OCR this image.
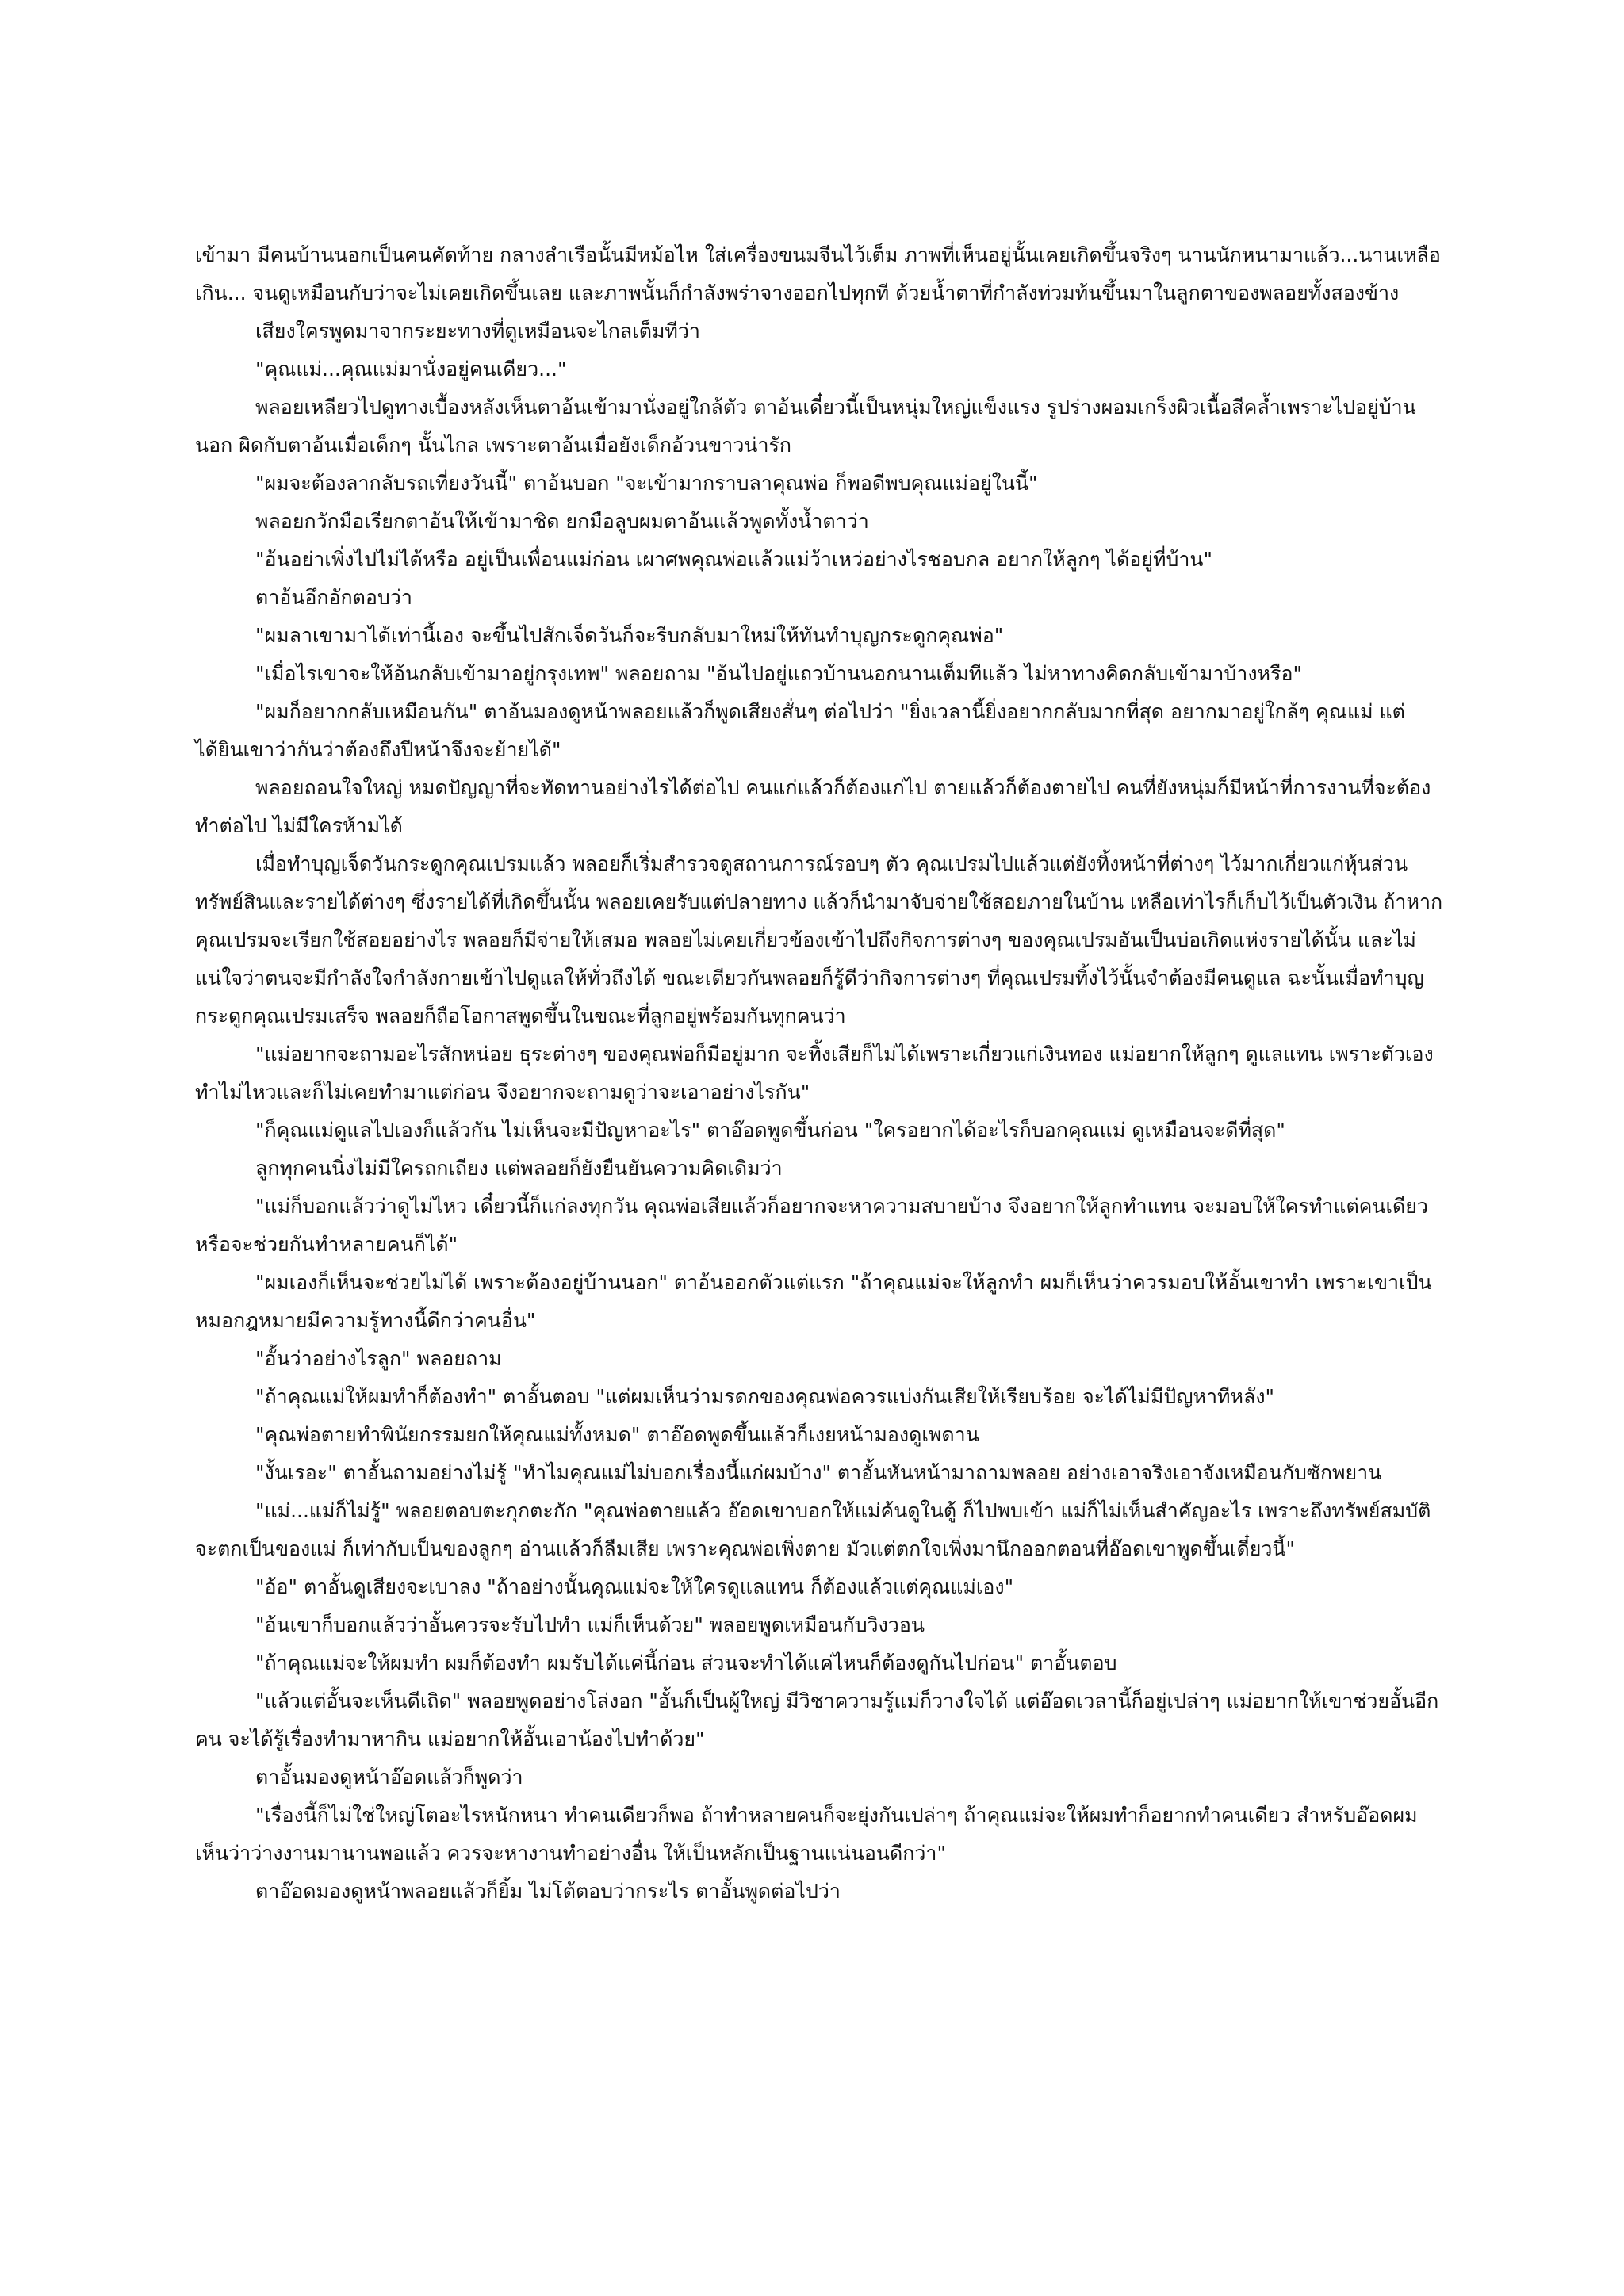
เข้ามา มีคนบ้านนอกเป็นคนคัดท้าย กลางลำเรือนั้นมีหม้อไห ใส่เครื่องขนมจีนไว้เต็ม ภาพที่เห็นอยู่นั้นเคยเกิดขึ้นจริงๆ นานนักหนามาแล้ว...นานเหลือเกิน... จนดูเหมือนกับว่าจะไม่เคยเกิดขึ้นเลย และภาพนั้นก็กำลังพร่าจางออกไปทุกที ด้วยน้ำตาที่กำลังท่วมท้นขึ้นมาในลูกตาของพลอยทั้งสองข้าง

เสียงใครพูดมาจากระยะทางที่ดูเหมือนจะไกลเต็มทีว่า

"คุณแม่...คุณแม่มานั่งอยู่คนเดียว..."

พลอยเหลียวไปดูทางเบื้องหลังเห็นตาอ้นเข้ามานั่งอยู่ใกล้ตัว ตาอ้นเดี๋ยวนี้เป็นหนุ่มใหญ่แข็งแรง รูปร่างผอมเกร็งผิวเนื้อสีคล้ำเพราะไปอยู่บ้านนอก ผิดกับตาอ้นเมื่อเด็กๆ นั้นไกล เพราะตาอ้นเมื่อยังเด็กอ้วนขาวน่ารัก

"ผมจะต้องลากลับรถเที่ยงวันนี้" ตาอ้นบอก "จะเข้ามากราบลาคุณพ่อ ก็พอดีพบคุณแม่อยู่ในนี้"

พลอยกวักมือเรียกตาอ้นให้เข้ามาชิด ยกมือลูบผมตาอ้นแล้วพูดทั้งน้ำตาว่า

"อ้นอย่าเพิ่งไปไม่ได้หรือ อยู่เป็นเพื่อนแม่ก่อน เผาศพคุณพ่อแล้วแม่ว้าเหว่อย่างไรชอบกล อยากให้ลูกๆ ได้อยู่ที่บ้าน"

ตาอ้นอึกอักตอบว่า

"ผมลาเขามาได้เท่านี้เอง จะขึ้นไปสักเจ็ดวันก็จะรีบกลับมาใหม่ให้ทันทำบุญกระดูกคุณพ่อ"

"เมื่อไรเขาจะให้อ้นกลับเข้ามาอยู่กรุงเทพ" พลอยถาม "อ้นไปอยู่แถวบ้านนอกนานเต็มทีแล้ว ไม่หาทางคิดกลับเข้ามาบ้างหรือ"

"ผมก็อยากกลับเหมือนกัน" ตาอ้นมองดูหน้าพลอยแล้วก็พูดเสียงสั่นๆ ต่อไปว่า "ยิ่งเวลานี้ยิ่งอยากกลับมากที่สุด อยากมาอยู่ใกล้ๆ คุณแม่ แต่ได้ยินเขาว่ากันว่าต้องถึงปีหน้าจึงจะย้ายได้"

พลอยถอนใจใหญ่ หมดปัญญาที่จะทัดทานอย่างไรได้ต่อไป คนแก่แล้วก็ต้องแก่ไป ตายแล้วก็ต้องตายไป คนที่ยังหนุ่มก็มีหน้าที่การงานที่จะต้องทำต่อไป ไม่มีใครห้ามได้

เมื่อทำบุญเจ็ดวันกระดูกคุณเปรมแล้ว พลอยก็เริ่มสำรวจดูสถานการณ์รอบๆ ตัว คุณเปรมไปแล้วแต่ยังทิ้งหน้าที่ต่างๆ ไว้มากเกี่ยวแก่หุ้นส่วนทรัพย์สินและรายได้ต่างๆ ซึ่งรายได้ที่เกิดขึ้นนั้น พลอยเคยรับแต่ปลายทาง แล้วก็นำมาจับจ่ายใช้สอยภายในบ้าน เหลือเท่าไรก็เก็บไว้เป็นตัวเงิน ถ้าหากคุณเปรมจะเรียกใช้สอยอย่างไร พลอยก็มีจ่ายให้เสมอ พลอยไม่เคยเกี่ยวข้องเข้าไปถึงกิจการต่างๆ ของคุณเปรมอันเป็นบ่อเกิดแห่งรายได้นั้น และไม่แน่ใจว่าตนจะมีกำลังใจกำลังกายเข้าไปดูแลให้ทั่วถึงได้ ขณะเดียวกันพลอยก็รู้ดีว่ากิจการต่างๆ ที่คุณเปรมทิ้งไว้นั้นจำต้องมีคนดูแล ฉะนั้นเมื่อทำบุญกระดูกคุณเปรมเสร็จ พลอยก็ถือโอกาสพูดขึ้นในขณะที่ลูกอยู่พร้อมกันทุกคนว่า

"แม่อยากจะถามอะไรสักหน่อย ธุระต่างๆ ของคุณพ่อก็มีอยู่มาก จะทิ้งเสียก็ไม่ได้เพราะเกี่ยวแก่เงินทอง แม่อยากให้ลูกๆ ดูแลแทน เพราะตัวเองทำไม่ไหวและก็ไม่เคยทำมาแต่ก่อน จึงอยากจะถามดูว่าจะเอาอย่างไรกัน"

"ก็คุณแม่ดูแลไปเองก็แล้วกัน ไม่เห็นจะมีปัญหาอะไร" ตาอ๊อดพูดขึ้นก่อน "ใครอยากได้อะไรก็บอกคุณแม่ ดูเหมือนจะดีที่สุด"

ลูกทุกคนนิ่งไม่มีใครถกเถียง แต่พลอยก็ยังยืนยันความคิดเดิมว่า

"แม่ก็บอกแล้วว่าดูไม่ไหว เดี๋ยวนี้ก็แก่ลงทุกวัน คุณพ่อเสียแล้วก็อยากจะหาความสบายบ้าง จึงอยากให้ลูกทำแทน จะมอบให้ใครทำแต่คนเดียวหรือจะช่วยกันทำหลายคนก็ได้"

"ผมเองก็เห็นจะช่วยไม่ได้ เพราะต้องอยู่บ้านนอก" ตาอ้นออกตัวแต่แรก "ถ้าคุณแม่จะให้ลูกทำ ผมก็เห็นว่าควรมอบให้อั้นเขาทำ เพราะเขาเป็นหมอกฎหมายมีความรู้ทางนี้ดีกว่าคนอื่น"

"อั้นว่าอย่างไรลูก" พลอยถาม

"ถ้าคุณแม่ให้ผมทำก็ต้องทำ" ตาอั้นตอบ "แต่ผมเห็นว่ามรดกของคุณพ่อควรแบ่งกันเสียให้เรียบร้อย จะได้ไม่มีปัญหาทีหลัง"

"คุณพ่อตายทำพินัยกรรมยกให้คุณแม่ทั้งหมด" ตาอ๊อดพูดขึ้นแล้วก็เงยหน้ามองดูเพดาน

"งั้นเรอะ" ตาอั้นถามอย่างไม่รู้ "ทำไมคุณแม่ไม่บอกเรื่องนี้แก่ผมบ้าง" ตาอั้นหันหน้ามาถามพลอย อย่างเอาจริงเอาจังเหมือนกับซักพยาน

"แม่...แม่ก็ไม่รู้" พลอยตอบตะกุกตะกัก "คุณพ่อตายแล้ว อ๊อดเขาบอกให้แม่ค้นดูในตู้ ก็ไปพบเข้า แม่ก็ไม่เห็นสำคัญอะไร เพราะถึงทรัพย์สมบัติจะตกเป็นของแม่ ก็เท่ากับเป็นของลูกๆ อ่านแล้วก็ลืมเสีย เพราะคุณพ่อเพิ่งตาย มัวแต่ตกใจเพิ่งมานึกออกตอนที่อ๊อดเขาพูดขึ้นเดี๋ยวนี้"

"อ้อ" ตาอั้นดูเสียงจะเบาลง "ถ้าอย่างนั้นคุณแม่จะให้ใครดูแลแทน ก็ต้องแล้วแต่คุณแม่เอง"

"อ้นเขาก็บอกแล้วว่าอั้นควรจะรับไปทำ แม่ก็เห็นด้วย" พลอยพูดเหมือนกับวิงวอน

"ถ้าคุณแม่จะให้ผมทำ ผมก็ต้องทำ ผมรับได้แค่นี้ก่อน ส่วนจะทำได้แค่ไหนก็ต้องดูกันไปก่อน" ตาอั้นตอบ

"แล้วแต่อั้นจะเห็นดีเถิด" พลอยพูดอย่างโล่งอก "อั้นก็เป็นผู้ใหญ่ มีวิชาความรู้แม่ก็วางใจได้ แต่อ๊อดเวลานี้ก็อยู่เปล่าๆ แม่อยากให้เขาช่วยอั้นอีกคน จะได้รู้เรื่องทำมาหากิน แม่อยากให้อั้นเอาน้องไปทำด้วย"

ตาอั้นมองดูหน้าอ๊อดแล้วก็พูดว่า

"เรื่องนี้ก็ไม่ใช่ใหญ่โตอะไรหนักหนา ทำคนเดียวก็พอ ถ้าทำหลายคนก็จะยุ่งกันเปล่าๆ ถ้าคุณแม่จะให้ผมทำก็อยากทำคนเดียว สำหรับอ๊อดผมเห็นว่าว่างงานมานานพอแล้ว ควรจะหางานทำอย่างอื่น ให้เป็นหลักเป็นฐานแน่นอนดีกว่า"

ตาอ๊อดมองดูหน้าพลอยแล้วก็ยิ้ม ไม่โต้ตอบว่ากระไร ตาอั้นพูดต่อไปว่า
